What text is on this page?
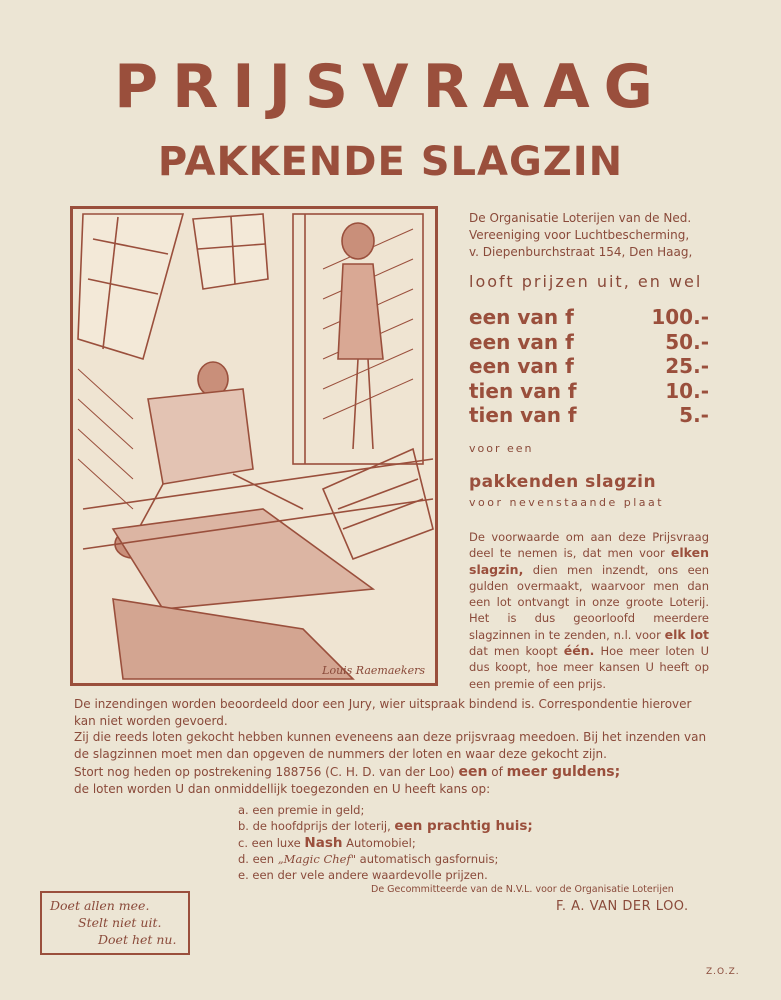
PRIJSVRAAG
PAKKENDE SLAGZIN
Louis Raemaekers
De Organisatie Loterijen van de Ned.
Vereeniging voor Luchtbescherming,
v. Diepenburchstraat 154, Den Haag,
looft prijzen uit, en wel
een van f	100.-
een van f	50.-
een van f	25.-
tien van f	10.-
tien van f	5.-
voor een
pakkenden slagzin
voor nevenstaande plaat
De voorwaarde om aan deze Prijsvraag deel te nemen is, dat men voor elken slagzin, dien men inzendt, ons een gulden overmaakt, waarvoor men dan een lot ontvangt in onze groote Loterij. Het is dus geoorloofd meerdere slagzinnen in te zenden, n.l. voor elk lot dat men koopt één. Hoe meer loten U dus koopt, hoe meer kansen U heeft op een premie of een prijs.

De inzendingen worden beoordeeld door een Jury, wier uitspraak bindend is. Correspondentie hierover kan niet worden gevoerd.

Zij die reeds loten gekocht hebben kunnen eveneens aan deze prijsvraag meedoen. Bij het inzenden van de slagzinnen moet men dan opgeven de nummers der loten en waar deze gekocht zijn.

Stort nog heden op postrekening 188756 (C. H. D. van der Loo) een of meer guldens;
de loten worden U dan onmiddellijk toegezonden en U heeft kans op:
a. een premie in geld;
b. de hoofdprijs der loterij, een prachtig huis;
c. een luxe Nash Automobiel;
d. een „Magic Chef" automatisch gasfornuis;
e. een der vele andere waardevolle prijzen.
De Gecommitteerde van de N.V.L. voor de Organisatie Loterijen
F. A. VAN DER LOO.
Doet allen mee.
Stelt niet uit.
Doet het nu.
Z.O.Z.
